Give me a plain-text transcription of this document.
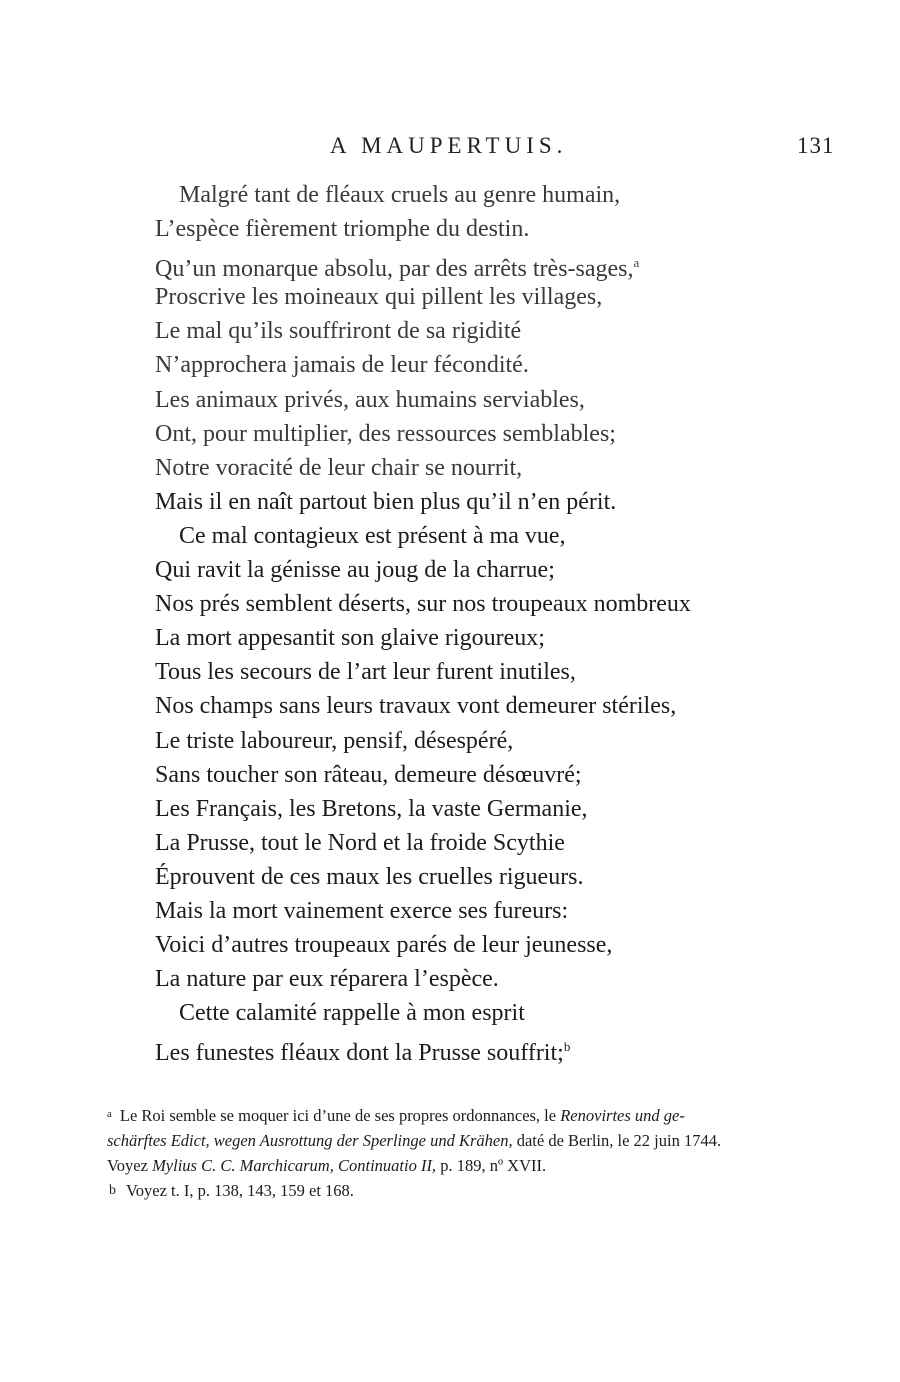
A MAUPERTUIS.	131
Malgré tant de fléaux cruels au genre humain,
L’espèce fièrement triomphe du destin.
Qu’un monarque absolu, par des arrêts très-sages,$^a$
Proscrive les moineaux qui pillent les villages,
Le mal qu’ils souffriront de sa rigidité
N’approchera jamais de leur fécondité.
Les animaux privés, aux humains serviables,
Ont, pour multiplier, des ressources semblables;
Notre voracité de leur chair se nourrit,
Mais il en naît partout bien plus qu’il n’en périt.
Ce mal contagieux est présent à ma vue,
Qui ravit la génisse au joug de la charrue;
Nos prés semblent déserts, sur nos troupeaux nombreux
La mort appesantit son glaive rigoureux;
Tous les secours de l’art leur furent inutiles,
Nos champs sans leurs travaux vont demeurer stériles,
Le triste laboureur, pensif, désespéré,
Sans toucher son râteau, demeure désœuvré;
Les Français, les Bretons, la vaste Germanie,
La Prusse, tout le Nord et la froide Scythie
Éprouvent de ces maux les cruelles rigueurs.
Mais la mort vainement exerce ses fureurs:
Voici d’autres troupeaux parés de leur jeunesse,
La nature par eux réparera l’espèce.
Cette calamité rappelle à mon esprit
Les funestes fléaux dont la Prusse souffrit;$^b$
$^a$ Le Roi semble se moquer ici d’une de ses propres ordonnances, le Renovirtes und ge-
schärftes Edict, wegen Ausrottung der Sperlinge und Krähen, daté de Berlin, le 22 juin 1744.
Voyez Mylius C. C. Marchicarum, Continuatio II, p. 189, nº XVII.
b Voyez t. I, p. 138, 143, 159 et 168.
